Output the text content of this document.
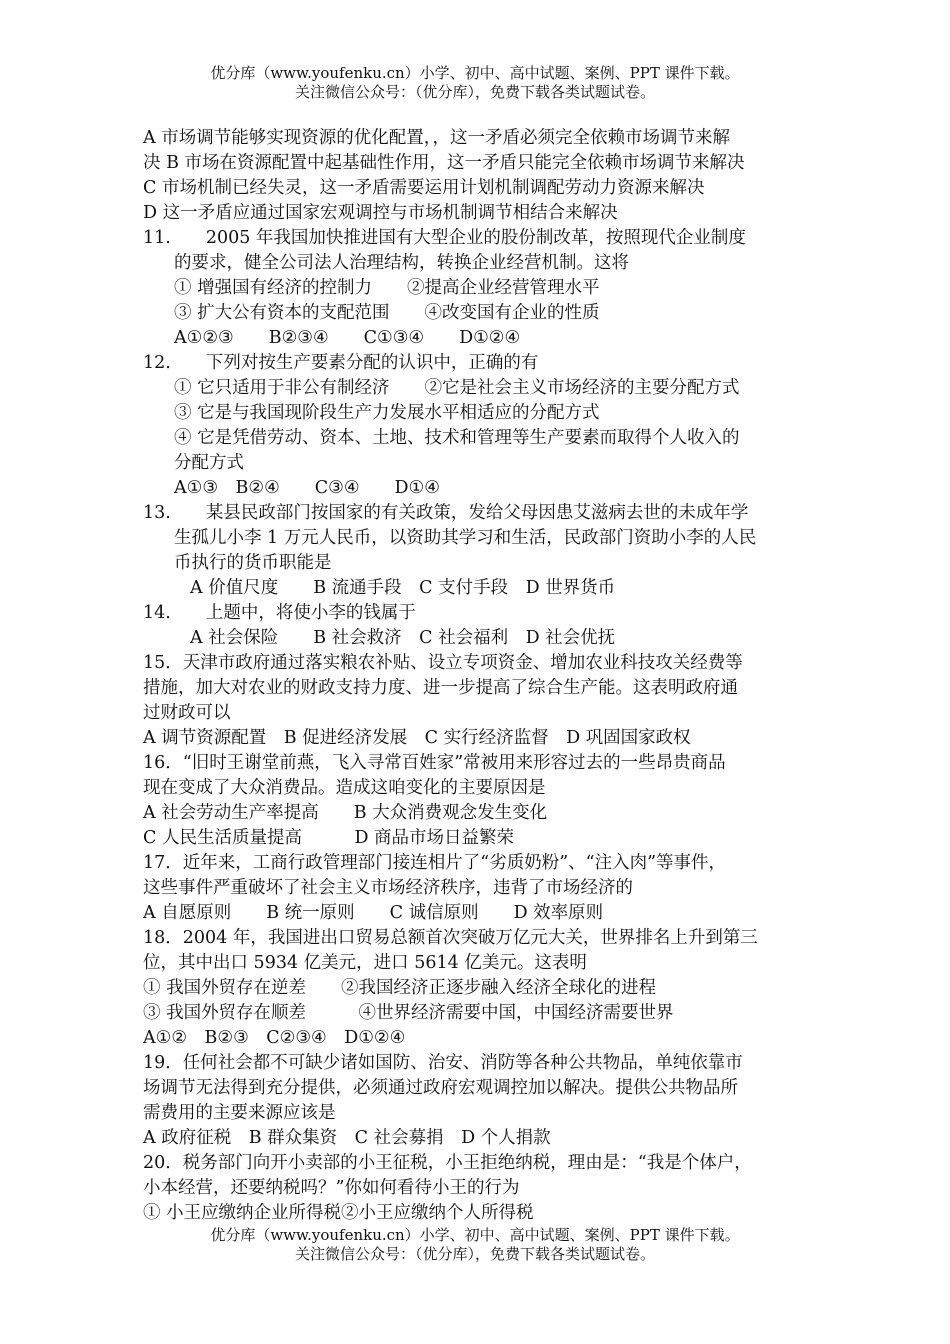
优分库（www.youfenku.cn）小学、初中、高中试题、案例、PPT 课件下载。
关注微信公众号：（优分库），免费下载各类试题试卷。
A 市场调节能够实现资源的优化配置，，这一矛盾必须完全依赖市场调节来解
决 B 市场在资源配置中起基础性作用，这一矛盾只能完全依赖市场调节来解决
C 市场机制已经失灵，这一矛盾需要运用计划机制调配劳动力资源来解决
D 这一矛盾应通过国家宏观调控与市场机制调节相结合来解决
11.　　2005 年我国加快推进国有大型企业的股份制改革，按照现代企业制度
的要求，健全公司法人治理结构，转换企业经营机制。这将
① 增强国有经济的控制力　　②提高企业经营管理水平
③ 扩大公有资本的支配范围　　④改变国有企业的性质
A①②③　　B②③④　　C①③④　　D①②④
12.　　下列对按生产要素分配的认识中，正确的有
① 它只适用于非公有制经济　　②它是社会主义市场经济的主要分配方式
③ 它是与我国现阶段生产力发展水平相适应的分配方式
④ 它是凭借劳动、资本、土地、技术和管理等生产要素而取得个人收入的
分配方式
A①③　B②④　　C③④　　D①④
13.　　某县民政部门按国家的有关政策，发给父母因患艾滋病去世的未成年学
生孤儿小李 1 万元人民币，以资助其学习和生活，民政部门资助小李的人民
币执行的货币职能是
A 价值尺度　　B 流通手段　C 支付手段　D 世界货币
14.　　上题中，将使小李的钱属于
A 社会保险　　B 社会救济　C 社会福利　D 社会优抚
15．天津市政府通过落实粮农补贴、设立专项资金、增加农业科技攻关经费等
措施，加大对农业的财政支持力度、进一步提高了综合生产能。这表明政府通
过财政可以
A 调节资源配置　B 促进经济发展　C 实行经济监督　D 巩固国家政权
16．“旧时王谢堂前燕，飞入寻常百姓家”常被用来形容过去的一些昂贵商品
现在变成了大众消费品。造成这咱变化的主要原因是
A 社会劳动生产率提高　　B 大众消费观念发生变化
C 人民生活质量提高　　　D 商品市场日益繁荣
17．近年来，工商行政管理部门接连相片了“劣质奶粉”、“注入肉”等事件，
这些事件严重破坏了社会主义市场经济秩序，违背了市场经济的
A 自愿原则　　B 统一原则　　C 诚信原则　　D 效率原则
18．2004 年，我国进出口贸易总额首次突破万亿元大关，世界排名上升到第三
位，其中出口 5934 亿美元，进口 5614 亿美元。这表明
① 我国外贸存在逆差　　②我国经济正逐步融入经济全球化的进程
③ 我国外贸存在顺差　　　④世界经济需要中国，中国经济需要世界
A①②　B②③　C②③④　D①②④
19．任何社会都不可缺少诸如国防、治安、消防等各种公共物品，单纯依靠市
场调节无法得到充分提供，必须通过政府宏观调控加以解决。提供公共物品所
需费用的主要来源应该是
A 政府征税　B 群众集资　C 社会募捐　D 个人捐款
20．税务部门向开小卖部的小王征税，小王拒绝纳税，理由是：“我是个体户，
小本经营，还要纳税吗？”你如何看待小王的行为
① 小王应缴纳企业所得税②小王应缴纳个人所得税
优分库（www.youfenku.cn）小学、初中、高中试题、案例、PPT 课件下载。
关注微信公众号：（优分库），免费下载各类试题试卷。
